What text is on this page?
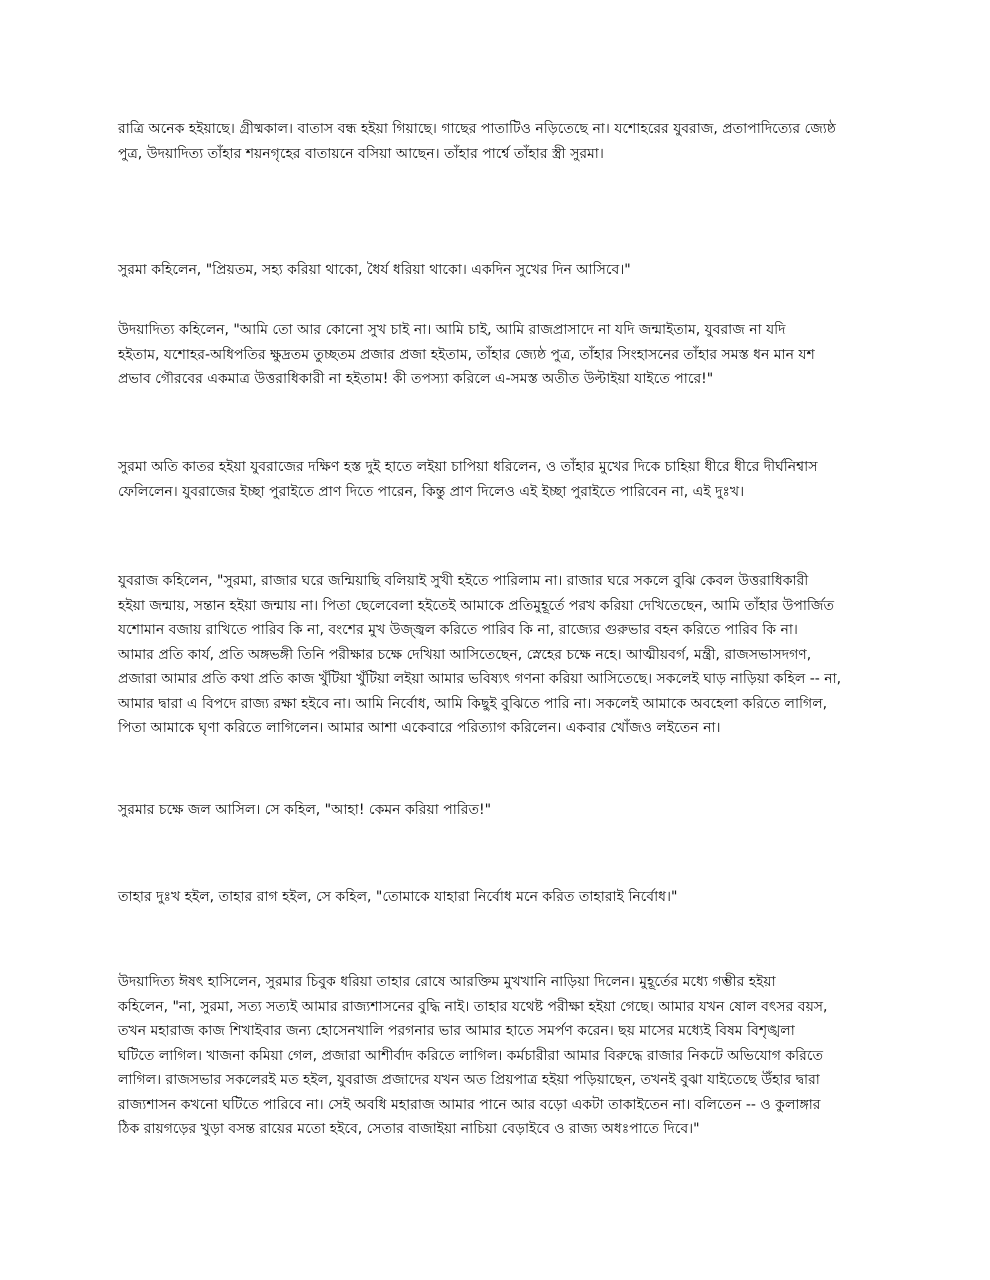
রাত্রি অনেক হইয়াছে। গ্রীষ্মকাল। বাতাস বন্ধ হইয়া গিয়াছে। গাছের পাতাটিও নড়িতেছে না। যশোহরের যুবরাজ, প্রতাপাদিত্যের জ্যেষ্ঠ
পুত্র, উদয়াদিত্য তাঁহার শয়নগৃহের বাতায়নে বসিয়া আছেন। তাঁহার পার্শ্বে তাঁহার স্ত্রী সুরমা।

সুরমা কহিলেন, "প্রিয়তম, সহ্য করিয়া থাকো, ধৈর্য ধরিয়া থাকো। একদিন সুখের দিন আসিবে।"

উদয়াদিত্য কহিলেন, "আমি তো আর কোনো সুখ চাই না। আমি চাই, আমি রাজপ্রাসাদে না যদি জন্মাইতাম, যুবরাজ না যদি
হইতাম, যশোহর-অধিপতির ক্ষুদ্রতম তুচ্ছতম প্রজার প্রজা হইতাম, তাঁহার জ্যেষ্ঠ পুত্র, তাঁহার সিংহাসনের তাঁহার সমস্ত ধন মান যশ
প্রভাব গৌরবের একমাত্র উত্তরাধিকারী না হইতাম! কী তপস্যা করিলে এ-সমস্ত অতীত উল্টাইয়া যাইতে পারে!"

সুরমা অতি কাতর হইয়া যুবরাজের দক্ষিণ হস্ত দুই হাতে লইয়া চাপিয়া ধরিলেন, ও তাঁহার মুখের দিকে চাহিয়া ধীরে ধীরে দীর্ঘনিশ্বাস
ফেলিলেন। যুবরাজের ইচ্ছা পুরাইতে প্রাণ দিতে পারেন, কিন্তু প্রাণ দিলেও এই ইচ্ছা পুরাইতে পারিবেন না, এই দুঃখ।

যুবরাজ কহিলেন, "সুরমা, রাজার ঘরে জন্মিয়াছি বলিয়াই সুখী হইতে পারিলাম না। রাজার ঘরে সকলে বুঝি কেবল উত্তরাধিকারী
হইয়া জন্মায়, সন্তান হইয়া জন্মায় না। পিতা ছেলেবেলা হইতেই আমাকে প্রতিমুহূর্তে পরখ করিয়া দেখিতেছেন, আমি তাঁহার উপার্জিত
যশোমান বজায় রাখিতে পারিব কি না, বংশের মুখ উজ্জ্বল করিতে পারিব কি না, রাজ্যের গুরুভার বহন করিতে পারিব কি না।
আমার প্রতি কার্য, প্রতি অঙ্গভঙ্গী তিনি পরীক্ষার চক্ষে দেখিয়া আসিতেছেন, স্নেহের চক্ষে নহে। আত্মীয়বর্গ, মন্ত্রী, রাজসভাসদগণ,
প্রজারা আমার প্রতি কথা প্রতি কাজ খুঁটিয়া খুঁটিয়া লইয়া আমার ভবিষ্যৎ গণনা করিয়া আসিতেছে। সকলেই ঘাড় নাড়িয়া কহিল -- না,
আমার দ্বারা এ বিপদে রাজ্য রক্ষা হইবে না। আমি নির্বোধ, আমি কিছুই বুঝিতে পারি না। সকলেই আমাকে অবহেলা করিতে লাগিল,
পিতা আমাকে ঘৃণা করিতে লাগিলেন। আমার আশা একেবারে পরিত্যাগ করিলেন। একবার খোঁজও লইতেন না।

সুরমার চক্ষে জল আসিল। সে কহিল, "আহা! কেমন করিয়া পারিত!"

তাহার দুঃখ হইল, তাহার রাগ হইল, সে কহিল, "তোমাকে যাহারা নির্বোধ মনে করিত তাহারাই নির্বোধ।"

উদয়াদিত্য ঈষৎ হাসিলেন, সুরমার চিবুক ধরিয়া তাহার রোষে আরক্তিম মুখখানি নাড়িয়া দিলেন। মুহূর্তের মধ্যে গম্ভীর হইয়া
কহিলেন, "না, সুরমা, সত্য সত্যই আমার রাজ্যশাসনের বুদ্ধি নাই। তাহার যথেষ্ট পরীক্ষা হইয়া গেছে। আমার যখন ষোল বৎসর বয়স,
তখন মহারাজ কাজ শিখাইবার জন্য হোসেনখালি পরগনার ভার আমার হাতে সমর্পণ করেন। ছয় মাসের মধ্যেই বিষম বিশৃঙ্খলা
ঘটিতে লাগিল। খাজনা কমিয়া গেল, প্রজারা আশীর্বাদ করিতে লাগিল। কর্মচারীরা আমার বিরুদ্ধে রাজার নিকটে অভিযোগ করিতে
লাগিল। রাজসভার সকলেরই মত হইল, যুবরাজ প্রজাদের যখন অত প্রিয়পাত্র হইয়া পড়িয়াছেন, তখনই বুঝা যাইতেছে উঁহার দ্বারা
রাজ্যশাসন কখনো ঘটিতে পারিবে না। সেই অবধি মহারাজ আমার পানে আর বড়ো একটা তাকাইতেন না। বলিতেন -- ও কুলাঙ্গার
ঠিক রায়গড়ের খুড়া বসন্ত রায়ের মতো হইবে, সেতার বাজাইয়া নাচিয়া বেড়াইবে ও রাজ্য অধঃপাতে দিবে।"
